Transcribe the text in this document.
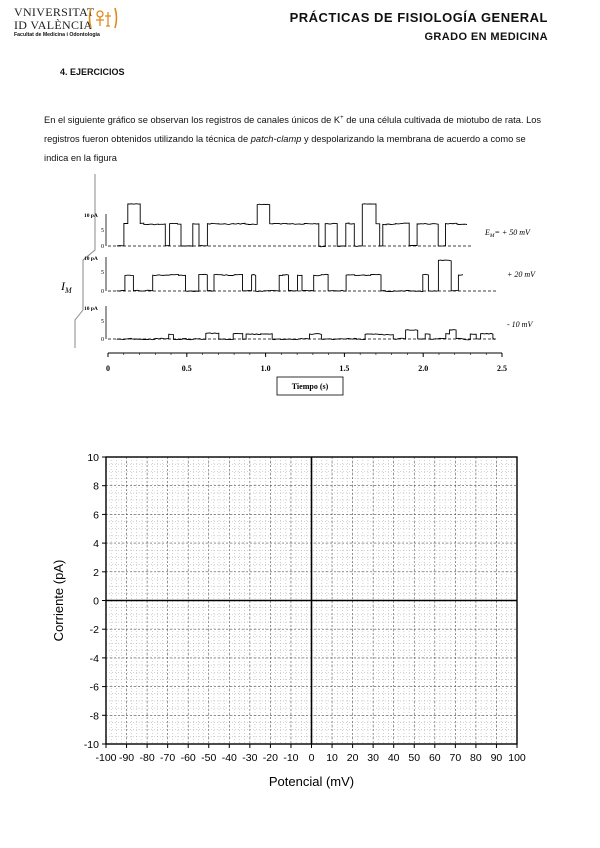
VNIVERSITAT
ID VALÈNCIA
Facultat de Medicina i Odontologia
PRÁCTICAS DE FISIOLOGÍA GENERAL
GRADO EN MEDICINA
4. EJERCICIOS
En el siguiente gráfico se observan los registros de canales únicos de K+ de una célula cultivada de miotubo de rata. Los registros fueron obtenidos utilizando la técnica de patch-clamp y despolarizando la membrana de acuerdo a como se indica en la figura
$I_M$
10 pA
5
0
$E_M= + 50$ mV
10 pA
5
0
+ 20 mV
10 pA
5
0
- 10 mV
0	0.5	1.0	1.5	2.0	2.5
Tiempo (s)
10
8
6
4
2
0
-2
-4
-6
-8
-10
-100 -90 -80 -70 -60 -50 -40 -30 -20 -10 0 10 20 30 40 50 60 70 80 90 100
Corriente (pA)
Potencial (mV)
